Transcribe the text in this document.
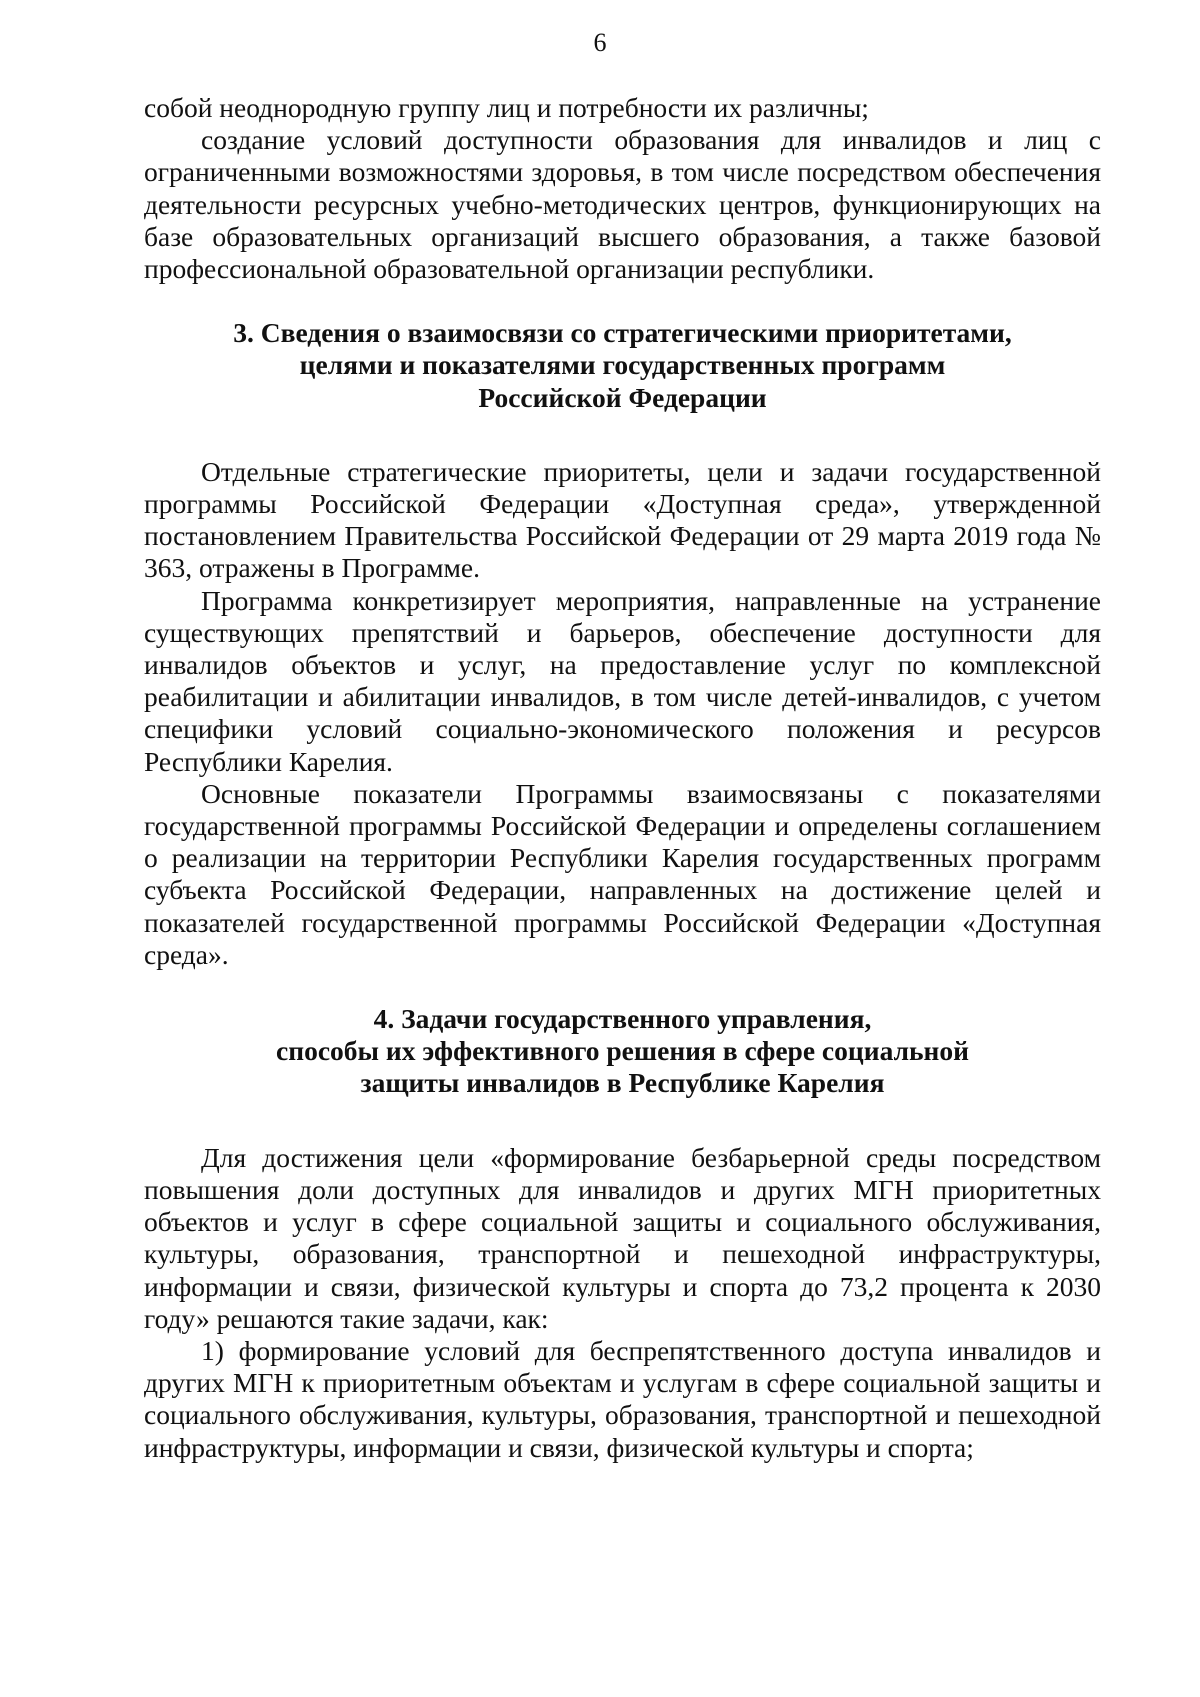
6

собой неоднородную группу лиц и потребности их различны;

создание условий доступности образования для инвалидов и лиц с ограниченными возможностями здоровья, в том числе посредством обеспечения деятельности ресурсных учебно-методических центров, функционирующих на базе образовательных организаций высшего образования, а также базовой профессиональной образовательной организации республики.

3. Сведения о взаимосвязи со стратегическими приоритетами,
целями и показателями государственных программ
Российской Федерации

Отдельные стратегические приоритеты, цели и задачи государственной программы Российской Федерации «Доступная среда», утвержденной постановлением Правительства Российской Федерации от 29 марта 2019 года № 363, отражены в Программе.

Программа конкретизирует мероприятия, направленные на устранение существующих препятствий и барьеров, обеспечение доступности для инвалидов объектов и услуг, на предоставление услуг по комплексной реабилитации и абилитации инвалидов, в том числе детей-инвалидов, с учетом специфики условий социально-экономического положения и ресурсов Республики Карелия.

Основные показатели Программы взаимосвязаны с показателями государственной программы Российской Федерации и определены соглашением о реализации на территории Республики Карелия государственных программ субъекта Российской Федерации, направленных на достижение целей и показателей государственной программы Российской Федерации «Доступная среда».

4. Задачи государственного управления,
способы их эффективного решения в сфере социальной
защиты инвалидов в Республике Карелия

Для достижения цели «формирование безбарьерной среды посредством повышения доли доступных для инвалидов и других МГН приоритетных объектов и услуг в сфере социальной защиты и социального обслуживания, культуры, образования, транспортной и пешеходной инфраструктуры, информации и связи, физической культуры и спорта до 73,2 процента к 2030 году» решаются такие задачи, как:

1) формирование условий для беспрепятственного доступа инвалидов и других МГН к приоритетным объектам и услугам в сфере социальной защиты и социального обслуживания, культуры, образования, транспортной и пешеходной инфраструктуры, информации и связи, физической культуры и спорта;
